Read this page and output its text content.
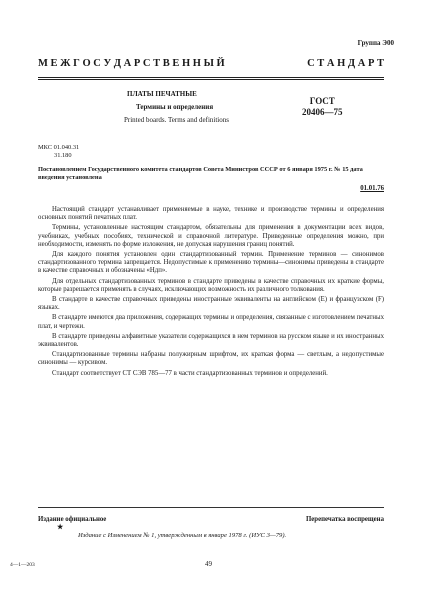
Группа Э00
М Е Ж Г О С У Д А Р С Т В Е Н Н Ы Й	С Т А Н Д А Р Т
ПЛАТЫ ПЕЧАТНЫЕ
Термины и определения
Printed boards. Terms and definitions
ГОСТ
20406—75
МКС 01.040.31
31.180
Постановлением Государственного комитета стандартов Совета Министров СССР от 6 января 1975 г. № 15 дата введения установлена
01.01.76

Настоящий стандарт устанавливает применяемые в науке, технике и производстве термины и определения основных понятий печатных плат.

Термины, установленные настоящим стандартом, обязательны для применения в документации всех видов, учебниках, учебных пособиях, технической и справочной литературе. Приведенные определения можно, при необходимости, изменять по форме изложения, не допуская нарушения границ понятий.

Для каждого понятия установлен один стандартизованный термин. Применение терминов — синонимов стандартизованного термина запрещается. Недопустимые к применению термины—синонимы приведены в стандарте в качестве справочных и обозначены «Ндп».

Для отдельных стандартизованных терминов в стандарте приведены в качестве справочных их краткие формы, которые разрешается применять в случаях, исключающих возможность их различного толкования.

В стандарте в качестве справочных приведены иностранные эквиваленты на английском (Е) и французском (F) языках.

В стандарте имеются два приложения, содержащих термины и определения, связанные с изготовлением печатных плат, и чертежи.

В стандарте приведены алфавитные указатели содержащихся в нем терминов на русском языке и их иностранных эквивалентов.

Стандартизованные термины набраны полужирным шрифтом, их краткая форма — светлым, а недопустимые синонимы — курсивом.

Стандарт соответствует СТ СЭВ 785—77 в части стандартизованных терминов и определений.

Издание официальное	Перепечатка воспрещена
★
Издание с Изменением № 1, утвержденным в январе 1978 г. (ИУС 3—79).
4—1—203	49
